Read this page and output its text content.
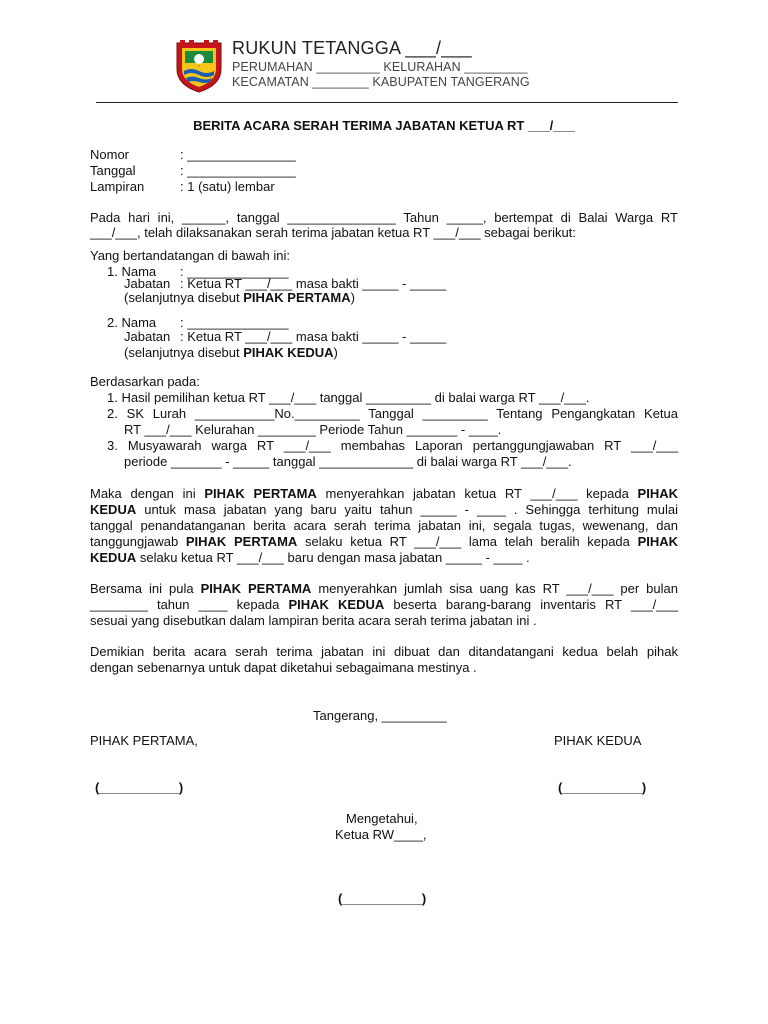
•
RUKUN TETANGGA ___/___
PERUMAHAN _________ KELURAHAN _________
KECAMATAN ________ KABUPATEN TANGERANG
BERITA ACARA SERAH TERIMA JABATAN KETUA RT ___/___
Nomor	: _______________
Tanggal	: _______________
Lampiran	: 1 (satu) lembar
Pada hari ini, ______, tanggal _______________ Tahun _____, bertempat di Balai Warga RT
___/___, telah dilaksanakan serah terima jabatan ketua RT ___/___ sebagai berikut:
Yang bertandatangan di bawah ini:
1. Nama : ______________
Jabatan : Ketua RT ___/___ masa bakti _____ - _____
(selanjutnya disebut PIHAK PERTAMA)
2. Nama : ______________
Jabatan : Ketua RT ___/___ masa bakti _____ - _____
(selanjutnya disebut PIHAK KEDUA)
Berdasarkan pada:
1. Hasil pemilihan ketua RT ___/___ tanggal _________ di balai warga RT ___/___.
2. SK Lurah ___________No._________ Tanggal _________ Tentang Pengangkatan Ketua
RT ___/___ Kelurahan ________ Periode Tahun _______ - ____.
3. Musyawarah warga RT ___/___ membahas Laporan pertanggungjawaban RT ___/___
periode _______ - _____ tanggal _____________ di balai warga RT ___/___.
Maka dengan ini PIHAK PERTAMA menyerahkan jabatan ketua RT ___/___ kepada PIHAK
KEDUA untuk masa jabatan yang baru yaitu tahun _____ - ____ . Sehingga terhitung mulai
tanggal penandatanganan berita acara serah terima jabatan ini, segala tugas, wewenang, dan
tanggungjawab PIHAK PERTAMA selaku ketua RT ___/___ lama telah beralih kepada PIHAK
KEDUA selaku ketua RT ___/___ baru dengan masa jabatan _____ - ____ .
Bersama ini pula PIHAK PERTAMA menyerahkan jumlah sisa uang kas RT ___/___ per bulan
________ tahun ____ kepada PIHAK KEDUA beserta barang-barang inventaris RT ___/___
sesuai yang disebutkan dalam lampiran berita acara serah terima jabatan ini .
Demikian berita acara serah terima jabatan ini dibuat dan ditandatangani kedua belah pihak
dengan sebenarnya untuk dapat diketahui sebagaimana mestinya .
Tangerang, _________
PIHAK PERTAMA,	PIHAK KEDUA
(___________)	(___________)
Mengetahui,
Ketua RW____,
(___________)
